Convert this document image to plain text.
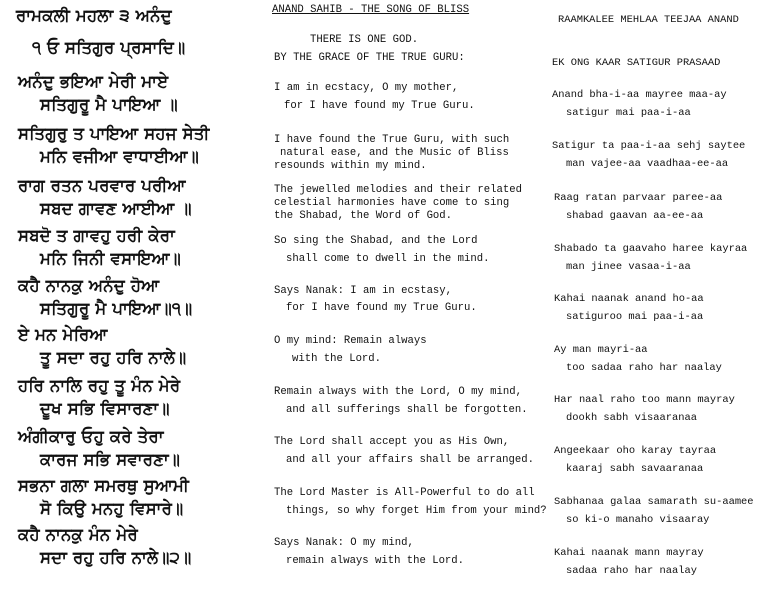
ਰਾਮਕਲੀ ਮਹਲਾ ੩ ਅਨੰਦੁ
੧ ਓ ਸਤਿਗੁਰ ਪ੍ਰਸਾਦਿ॥
ਅਨੰਦੁ ਭਇਆ ਮੇਰੀ ਮਾਏ
ਸਤਿਗੁਰੂ ਮੈ ਪਾਇਆ ॥
ਸਤਿਗੁਰੁ ਤ ਪਾਇਆ ਸਹਜ ਸੇਤੀ
ਮਨਿ ਵਜੀਆ ਵਾਧਾਈਆ॥
ਰਾਗ ਰਤਨ ਪਰਵਾਰ ਪਰੀਆ
ਸਬਦ ਗਾਵਣ ਆਈਆ ॥
ਸਬਦੋ ਤ ਗਾਵਹੁ ਹਰੀ ਕੇਰਾ
ਮਨਿ ਜਿਨੀ ਵਸਾਇਆ॥
ਕਹੈ ਨਾਨਕੁ ਅਨੰਦੁ ਹੋਆ
ਸਤਿਗੁਰੂ ਮੈ ਪਾਇਆ॥੧॥
ਏ ਮਨ ਮੇਰਿਆ
ਤੂ ਸਦਾ ਰਹੁ ਹਰਿ ਨਾਲੇ॥
ਹਰਿ ਨਾਲਿ ਰਹੁ ਤੂ ਮੰਨ ਮੇਰੇ
ਦੂਖ ਸਭਿ ਵਿਸਾਰਣਾ॥
ਅੰਗੀਕਾਰੁ ਓਹੁ ਕਰੇ ਤੇਰਾ
ਕਾਰਜ ਸਭਿ ਸਵਾਰਣਾ॥
ਸਭਨਾ ਗਲਾ ਸਮਰਥੁ ਸੁਆਮੀ
ਸੋ ਕਿਉ ਮਨਹੁ ਵਿਸਾਰੇ॥
ਕਹੈ ਨਾਨਕੁ ਮੰਨ ਮੇਰੇ
ਸਦਾ ਰਹੁ ਹਰਿ ਨਾਲੇ॥੨॥
ANAND SAHIB - THE SONG OF BLISS
THERE IS ONE GOD.
BY THE GRACE OF THE TRUE GURU:
I am in ecstacy, O my mother,
for I have found my True Guru.
I have found the True Guru, with such
natural ease, and the Music of Bliss
resounds within my mind.
The jewelled melodies and their related
celestial harmonies have come to sing
the Shabad, the Word of God.
So sing the Shabad, and the Lord
shall come to dwell in the mind.
Says Nanak: I am in ecstasy,
for I have found my True Guru.
O my mind: Remain always
with the Lord.
Remain always with the Lord, O my mind,
and all sufferings shall be forgotten.
The Lord shall accept you as His Own,
and all your affairs shall be arranged.
The Lord Master is All-Powerful to do all
things, so why forget Him from your mind?
Says Nanak: O my mind,
remain always with the Lord.
RAAMKALEE MEHLAA TEEJAA ANAND
EK ONG KAAR SATIGUR PRASAAD
Anand bha-i-aa mayree maa-ay
satigur mai paa-i-aa
Satigur ta paa-i-aa sehj saytee
man vajee-aa vaadhaa-ee-aa
Raag ratan parvaar paree-aa
shabad gaavan aa-ee-aa
Shabado ta gaavaho haree kayraa
man jinee vasaa-i-aa
Kahai naanak anand ho-aa
satiguroo mai paa-i-aa
Ay man mayri-aa
too sadaa raho har naalay
Har naal raho too mann mayray
dookh sabh visaaranaa
Angeekaar oho karay tayraa
kaaraj sabh savaaranaa
Sabhanaa galaa samarath su-aamee
so ki-o manaho visaaray
Kahai naanak mann mayray
sadaa raho har naalay
